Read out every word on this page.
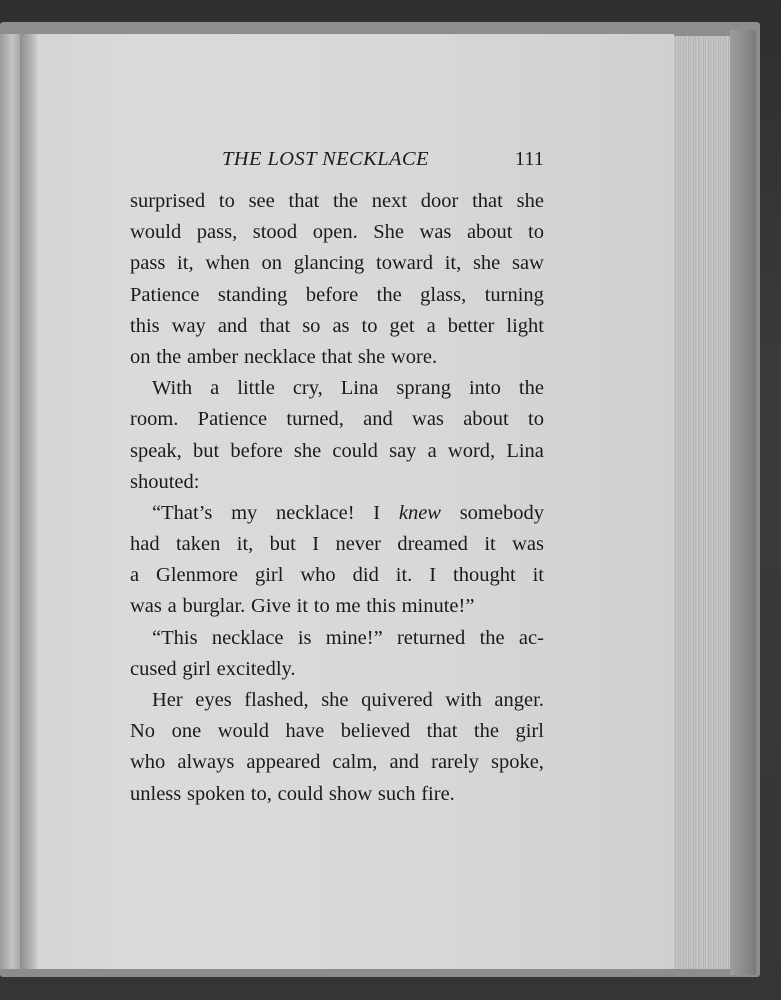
THE LOST NECKLACE	111
surprised to see that the next door that she
would pass, stood open. She was about to
pass it, when on glancing toward it, she saw
Patience standing before the glass, turning
this way and that so as to get a better light
on the amber necklace that she wore.
With a little cry, Lina sprang into the
room. Patience turned, and was about to
speak, but before she could say a word, Lina
shouted:
“That’s my necklace! I knew somebody
had taken it, but I never dreamed it was
a Glenmore girl who did it. I thought it
was a burglar. Give it to me this minute!”
“This necklace is mine!” returned the ac-
cused girl excitedly.
Her eyes flashed, she quivered with anger.
No one would have believed that the girl
who always appeared calm, and rarely spoke,
unless spoken to, could show such fire.
